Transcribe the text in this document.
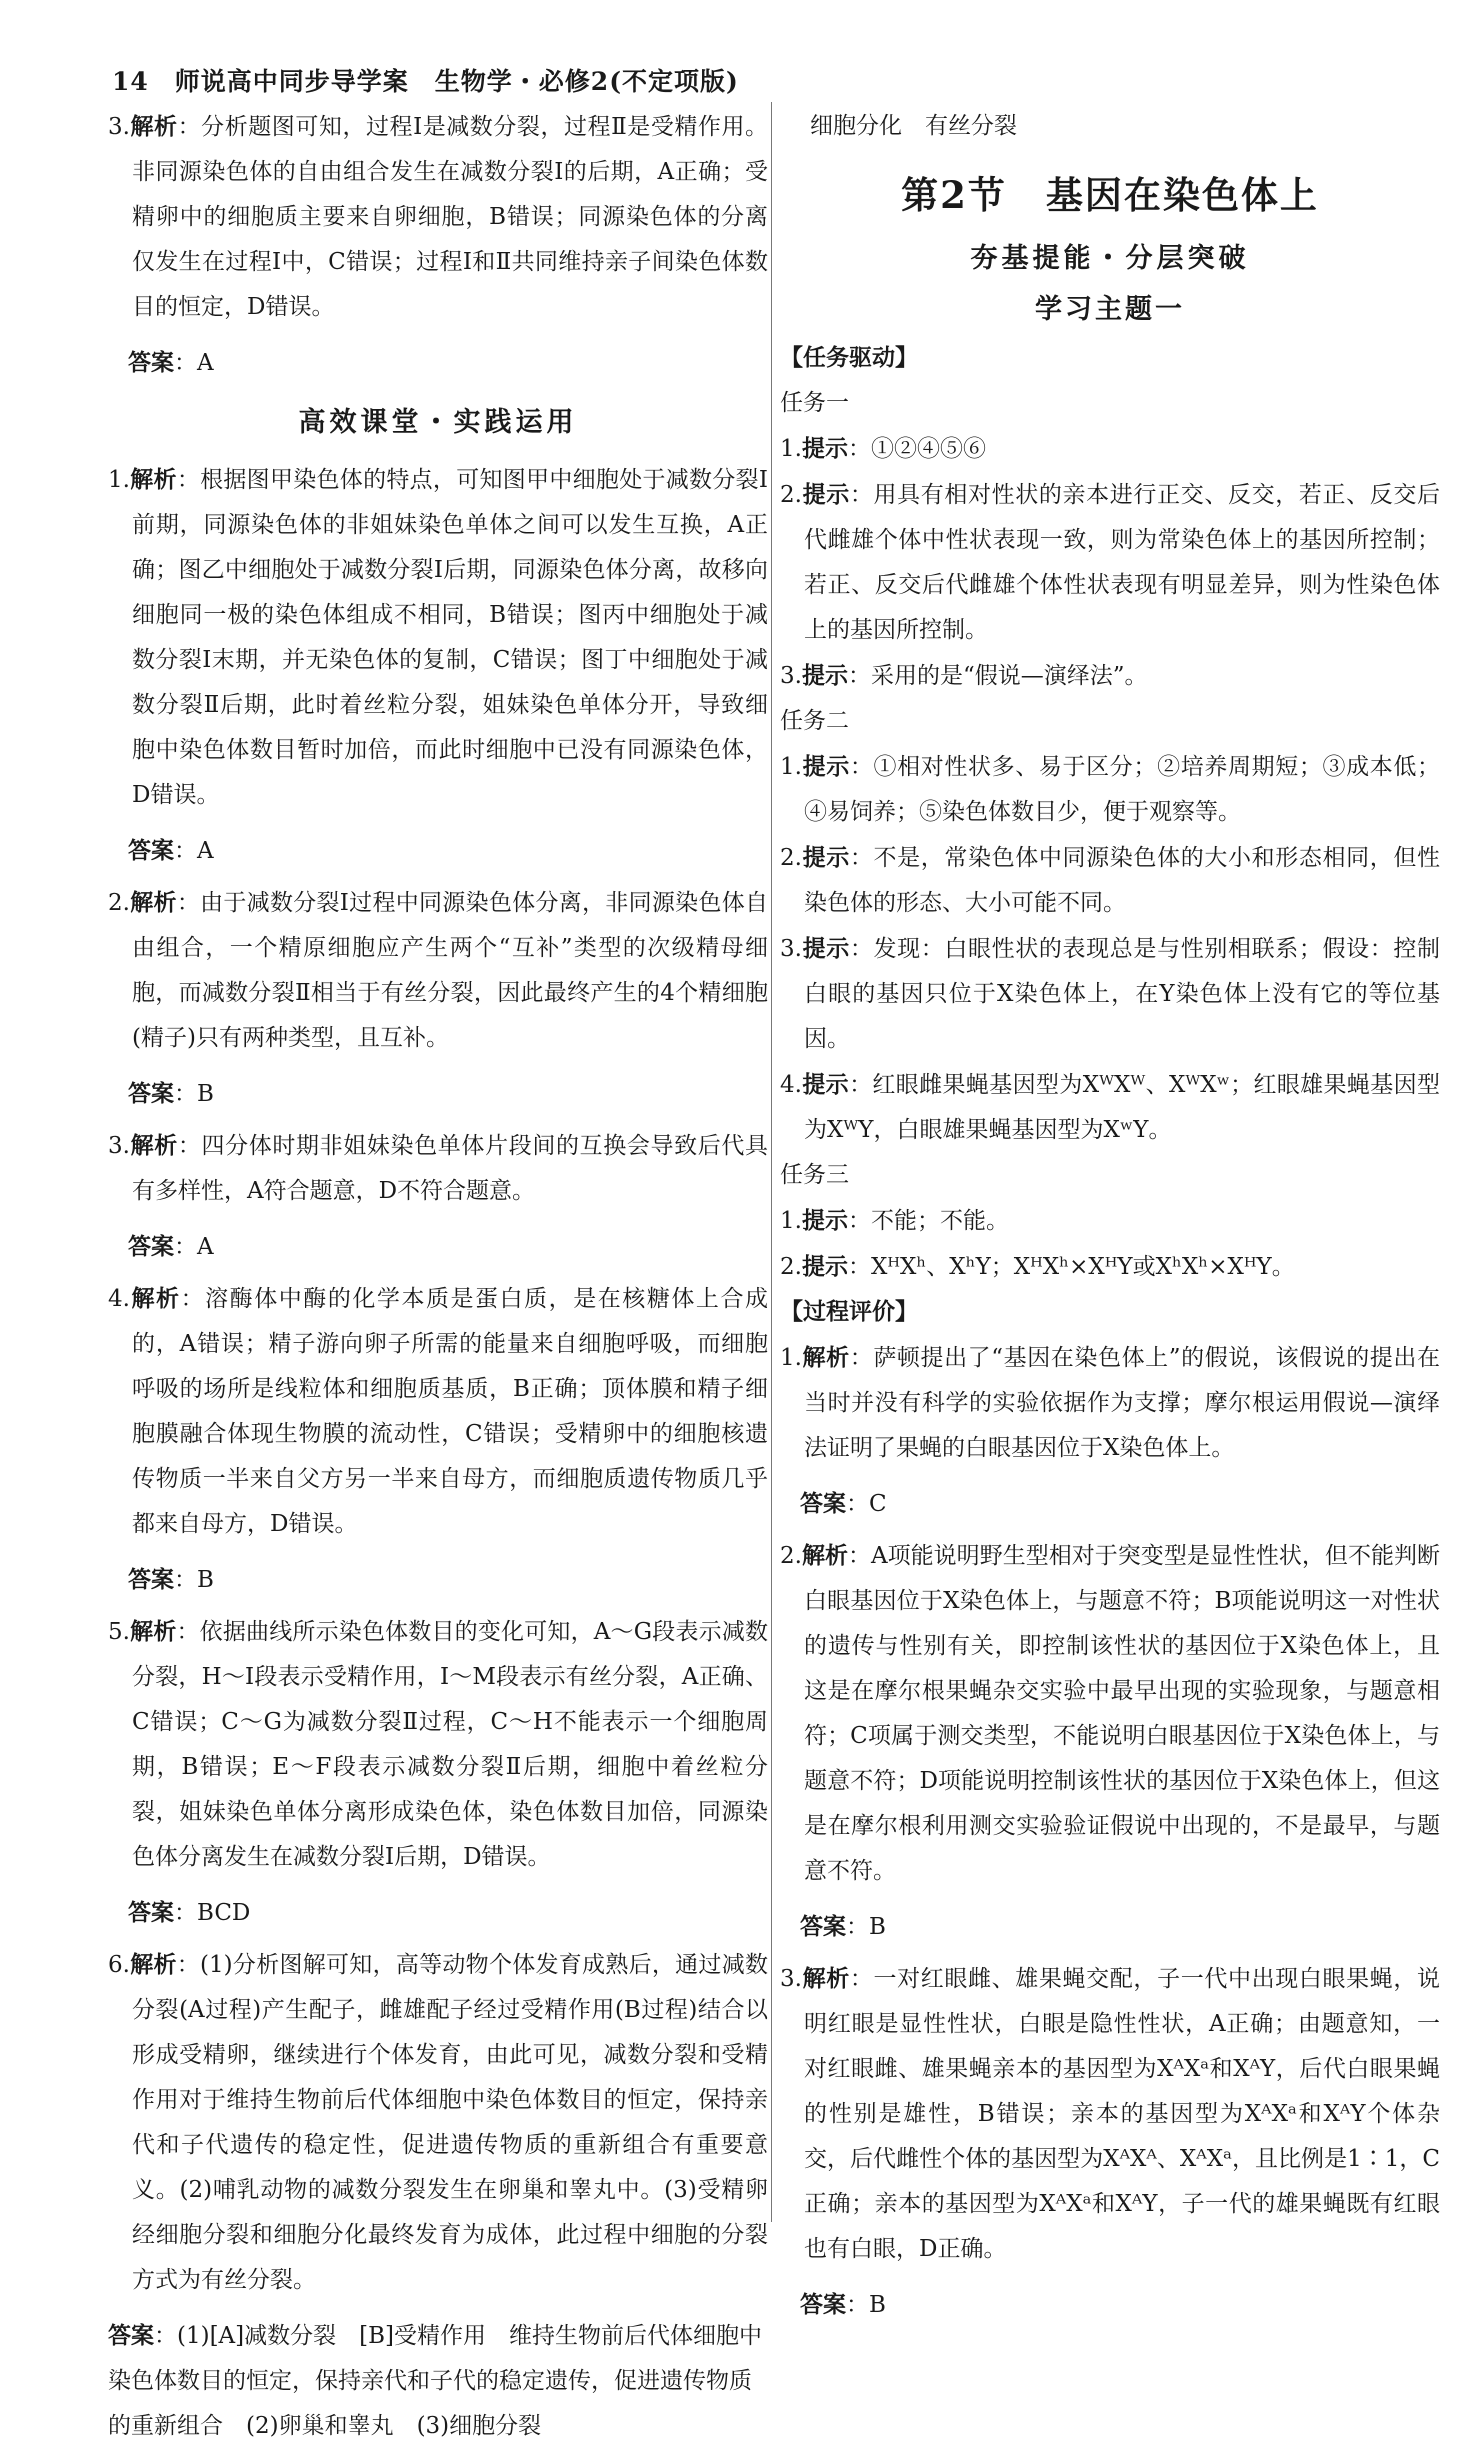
14 师说高中同步导学案　生物学・必修2(不定项版)

3.解析：分析题图可知，过程Ⅰ是减数分裂，过程Ⅱ是受精作用。非同源染色体的自由组合发生在减数分裂Ⅰ的后期，A正确；受精卵中的细胞质主要来自卵细胞，B错误；同源染色体的分离仅发生在过程Ⅰ中，C错误；过程Ⅰ和Ⅱ共同维持亲子间染色体数目的恒定，D错误。

答案：A

高效课堂・实践运用

1.解析：根据图甲染色体的特点，可知图甲中细胞处于减数分裂Ⅰ前期，同源染色体的非姐妹染色单体之间可以发生互换，A正确；图乙中细胞处于减数分裂Ⅰ后期，同源染色体分离，故移向细胞同一极的染色体组成不相同，B错误；图丙中细胞处于减数分裂Ⅰ末期，并无染色体的复制，C错误；图丁中细胞处于减数分裂Ⅱ后期，此时着丝粒分裂，姐妹染色单体分开，导致细胞中染色体数目暂时加倍，而此时细胞中已没有同源染色体，D错误。

答案：A

2.解析：由于减数分裂Ⅰ过程中同源染色体分离，非同源染色体自由组合，一个精原细胞应产生两个“互补”类型的次级精母细胞，而减数分裂Ⅱ相当于有丝分裂，因此最终产生的4个精细胞(精子)只有两种类型，且互补。

答案：B

3.解析：四分体时期非姐妹染色单体片段间的互换会导致后代具有多样性，A符合题意，D不符合题意。

答案：A

4.解析：溶酶体中酶的化学本质是蛋白质，是在核糖体上合成的，A错误；精子游向卵子所需的能量来自细胞呼吸，而细胞呼吸的场所是线粒体和细胞质基质，B正确；顶体膜和精子细胞膜融合体现生物膜的流动性，C错误；受精卵中的细胞核遗传物质一半来自父方另一半来自母方，而细胞质遗传物质几乎都来自母方，D错误。

答案：B

5.解析：依据曲线所示染色体数目的变化可知，A～G段表示减数分裂，H～I段表示受精作用，I～M段表示有丝分裂，A正确、C错误；C～G为减数分裂Ⅱ过程，C～H不能表示一个细胞周期，B错误；E～F段表示减数分裂Ⅱ后期，细胞中着丝粒分裂，姐妹染色单体分离形成染色体，染色体数目加倍，同源染色体分离发生在减数分裂Ⅰ后期，D错误。

答案：BCD

6.解析：(1)分析图解可知，高等动物个体发育成熟后，通过减数分裂(A过程)产生配子，雌雄配子经过受精作用(B过程)结合以形成受精卵，继续进行个体发育，由此可见，减数分裂和受精作用对于维持生物前后代体细胞中染色体数目的恒定，保持亲代和子代遗传的稳定性，促进遗传物质的重新组合有重要意义。(2)哺乳动物的减数分裂发生在卵巢和睾丸中。(3)受精卵经细胞分裂和细胞分化最终发育为成体，此过程中细胞的分裂方式为有丝分裂。

答案：(1)[A]减数分裂　[B]受精作用　维持生物前后代体细胞中染色体数目的恒定，保持亲代和子代的稳定遗传，促进遗传物质的重新组合　(2)卵巢和睾丸　(3)细胞分裂

细胞分化　有丝分裂

第2节　基因在染色体上
夯基提能・分层突破
学习主题一

【任务驱动】

任务一

1.提示：①②④⑤⑥

2.提示：用具有相对性状的亲本进行正交、反交，若正、反交后代雌雄个体中性状表现一致，则为常染色体上的基因所控制；若正、反交后代雌雄个体性状表现有明显差异，则为性染色体上的基因所控制。

3.提示：采用的是“假说—演绎法”。

任务二

1.提示：①相对性状多、易于区分；②培养周期短；③成本低；④易饲养；⑤染色体数目少，便于观察等。

2.提示：不是，常染色体中同源染色体的大小和形态相同，但性染色体的形态、大小可能不同。

3.提示：发现：白眼性状的表现总是与性别相联系；假设：控制白眼的基因只位于X染色体上，在Y染色体上没有它的等位基因。

4.提示：红眼雌果蝇基因型为XᵂXᵂ、XᵂXʷ；红眼雄果蝇基因型为XᵂY，白眼雄果蝇基因型为XʷY。

任务三

1.提示：不能；不能。

2.提示：XᴴXʰ、XʰY；XᴴXʰ×XᴴY或XʰXʰ×XᴴY。

【过程评价】

1.解析：萨顿提出了“基因在染色体上”的假说，该假说的提出在当时并没有科学的实验依据作为支撑；摩尔根运用假说—演绎法证明了果蝇的白眼基因位于X染色体上。

答案：C

2.解析：A项能说明野生型相对于突变型是显性性状，但不能判断白眼基因位于X染色体上，与题意不符；B项能说明这一对性状的遗传与性别有关，即控制该性状的基因位于X染色体上，且这是在摩尔根果蝇杂交实验中最早出现的实验现象，与题意相符；C项属于测交类型，不能说明白眼基因位于X染色体上，与题意不符；D项能说明控制该性状的基因位于X染色体上，但这是在摩尔根利用测交实验验证假说中出现的，不是最早，与题意不符。

答案：B

3.解析：一对红眼雌、雄果蝇交配，子一代中出现白眼果蝇，说明红眼是显性性状，白眼是隐性性状，A正确；由题意知，一对红眼雌、雄果蝇亲本的基因型为XᴬXᵃ和XᴬY，后代白眼果蝇的性别是雄性，B错误；亲本的基因型为XᴬXᵃ和XᴬY个体杂交，后代雌性个体的基因型为XᴬXᴬ、XᴬXᵃ，且比例是1∶1，C正确；亲本的基因型为XᴬXᵃ和XᴬY，子一代的雄果蝇既有红眼也有白眼，D正确。

答案：B
